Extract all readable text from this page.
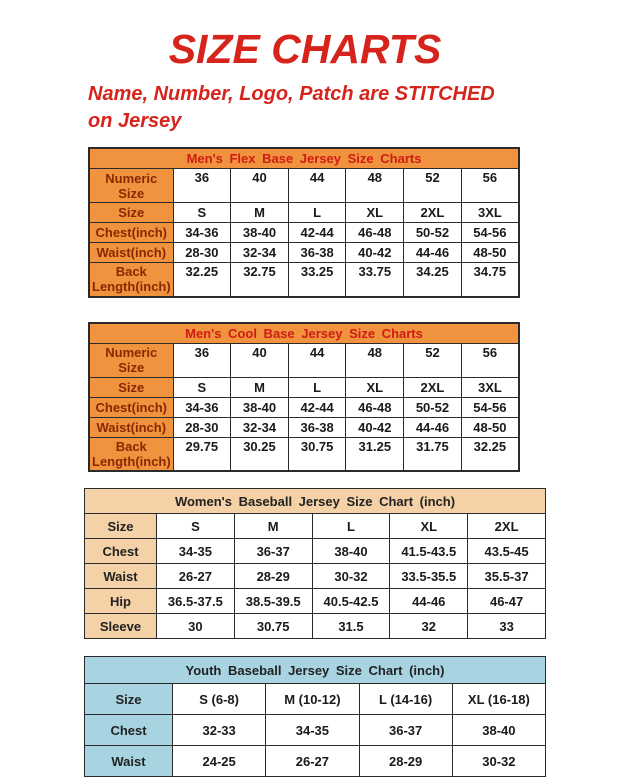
SIZE CHARTS

Name, Number, Logo, Patch are STITCHED on Jersey

Men's Flex Base Jersey Size Charts						
Numeric Size	36	40	44	48	52	56
Size	S	M	L	XL	2XL	3XL
Chest(inch)	34-36	38-40	42-44	46-48	50-52	54-56
Waist(inch)	28-30	32-34	36-38	40-42	44-46	48-50
Back Length(inch)	32.25	32.75	33.25	33.75	34.25	34.75
Men's Cool Base Jersey Size Charts						
Numeric Size	36	40	44	48	52	56
Size	S	M	L	XL	2XL	3XL
Chest(inch)	34-36	38-40	42-44	46-48	50-52	54-56
Waist(inch)	28-30	32-34	36-38	40-42	44-46	48-50
Back Length(inch)	29.75	30.25	30.75	31.25	31.75	32.25
Women's Baseball Jersey Size Chart (inch)					
Size	S	M	L	XL	2XL
Chest	34-35	36-37	38-40	41.5-43.5	43.5-45
Waist	26-27	28-29	30-32	33.5-35.5	35.5-37
Hip	36.5-37.5	38.5-39.5	40.5-42.5	44-46	46-47
Sleeve	30	30.75	31.5	32	33
Youth Baseball Jersey Size Chart (inch)				
Size	S (6-8)	M (10-12)	L (14-16)	XL (16-18)
Chest	32-33	34-35	36-37	38-40
Waist	24-25	26-27	28-29	30-32
